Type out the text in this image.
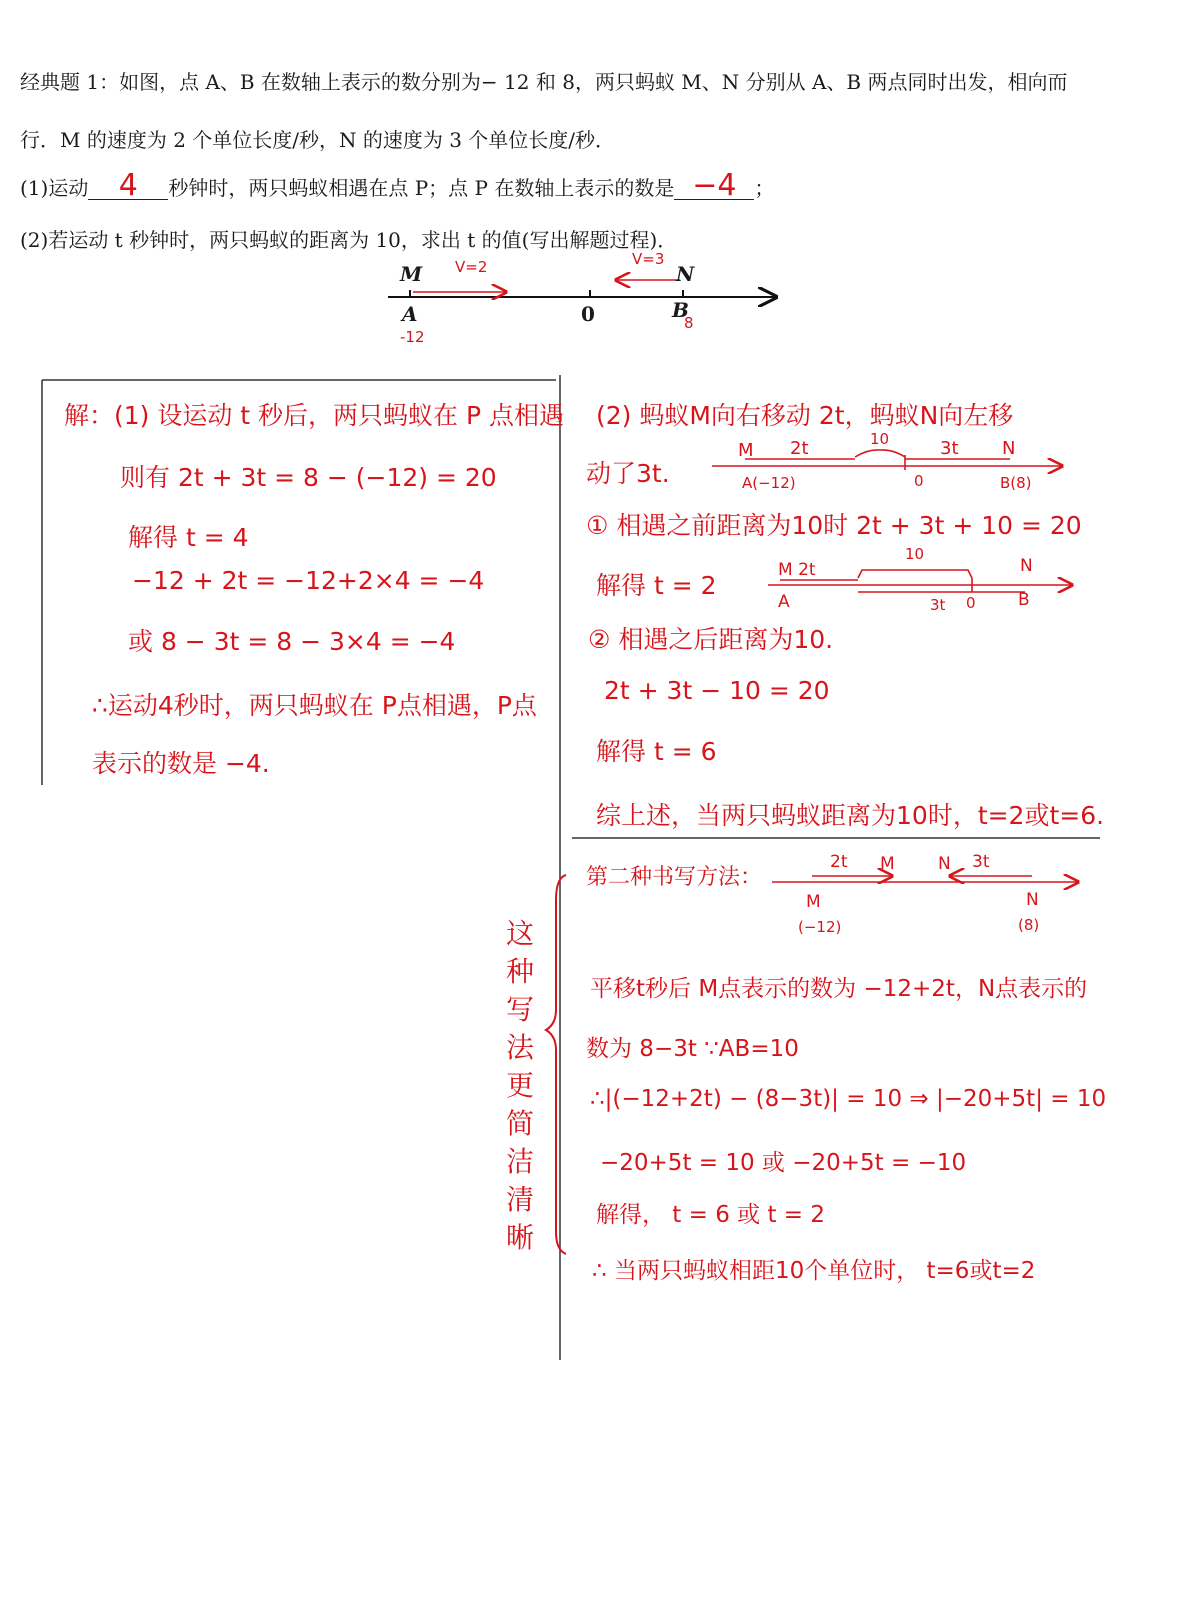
经典题 1：如图，点 A、B 在数轴上表示的数分别为− 12 和 8，两只蚂蚁 M、N 分别从 A、B 两点同时出发，相向而
行．M 的速度为 2 个单位长度/秒，N 的速度为 3 个单位长度/秒．
(1)运动 4 秒钟时，两只蚂蚁相遇在点 P；点 P 在数轴上表示的数是 −4 ；
(2)若运动 t 秒钟时，两只蚂蚁的距离为 10，求出 t 的值(写出解题过程)．
M	N
A	0	B
-12
8
V=2	V=3
解：(1) 设运动 t 秒后，两只蚂蚁在 P 点相遇
则有 2t + 3t = 8 − (−12) = 20
解得 t = 4
−12 + 2t = −12+2×4 = −4
或 8 − 3t = 8 − 3×4 = −4
∴运动4秒时，两只蚂蚁在 P点相遇，P点
表示的数是 −4.
(2) 蚂蚁M向右移动 2t，蚂蚁N向左移
动了3t.
M 2t	10	3t N
A(−12)	0	B(8)
① 相遇之前距离为10时 2t + 3t + 10 = 20
解得 t = 2
M 2t
10
N
A	3t 0 B
② 相遇之后距离为10.
2t + 3t − 10 = 20
解得 t = 6
综上述，当两只蚂蚁距离为10时，t=2或t=6.
第二种书写方法：
2t M	N 3t
M	N
(−12)	(8)
平移t秒后 M点表示的数为 −12+2t，N点表示的
数为 8−3t ∵AB=10
∴|(−12+2t) − (8−3t)| = 10 ⇒ |−20+5t| = 10
−20+5t = 10 或 −20+5t = −10
解得， t = 6 或 t = 2
∴ 当两只蚂蚁相距10个单位时， t=6或t=2
这
种
写
法
更
简
洁
清
晰
